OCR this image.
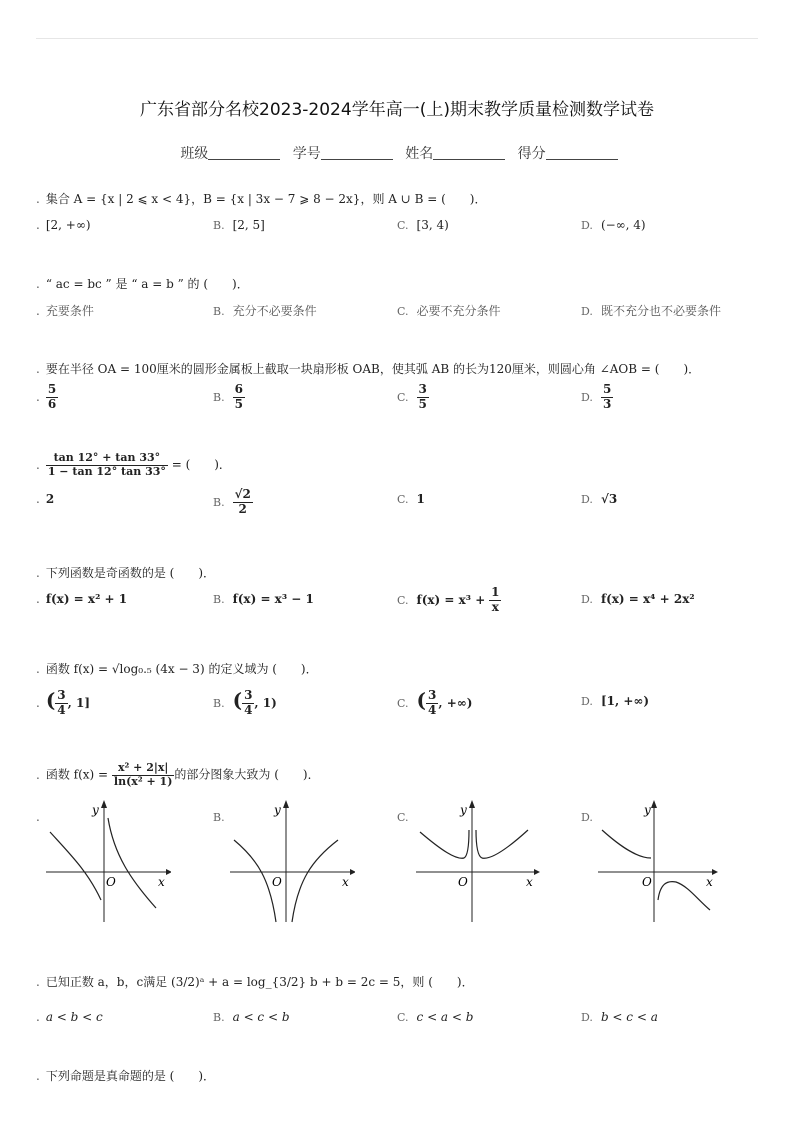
广东省部分名校2023-2024学年高一(上)期末教学质量检测数学试卷
班级	学号	姓名	得分
. 集合 A = {x | 2 ⩽ x < 4}，B = {x | 3x − 7 ⩾ 8 − 2x}，则 A ∪ B = (　　)．
. [2, +∞)	B. [2, 5]	C. [3, 4)	D. (−∞, 4)
. “ ac = bc ” 是 “ a = b ” 的 (　　)．
. 充要条件	B. 充分不必要条件	C. 必要不充分条件	D. 既不充分也不必要条件
. 要在半径 OA = 100厘米的圆形金属板上截取一块扇形板 OAB，使其弧 AB 的长为120厘米，则圆心角 ∠AOB = (　　)．
. $\frac{5}{6}$	B. $\frac{6}{5}$	C. $\frac{3}{5}$	D. $\frac{5}{3}$
. $\frac{\tan 12^\circ + \tan 33^\circ}{1 - \tan 12^\circ \tan 33^\circ}$ = (　　)．
. 2	B. $\frac{√2}{2}$	C. 1	D. √3
. 下列函数是奇函数的是 (　　)．
. f(x) = x² + 1	B. f(x) = x³ − 1	C. $f(x) = x^3 + \frac{1}{x}$	D. f(x) = x⁴ + 2x²
. 函数 f(x) = √log₀.₅ (4x − 3) 的定义域为 (　　)．
. ( $\frac{3}{4}$ , 1]	B. ( $\frac{3}{4}$ , 1)	C. ( $\frac{3}{4}$ , +∞)	D. [1, +∞)
. 函数 $f(x) = \frac{\text{x² + 2|x|}}{\text{ln(x² + 1)}}$ 的部分图象大致为 (　　)．
.	B.	C.	D.
y
O	x
y
O	x
y
O	x
y
O	x
. 已知正数 a，b，c满足 (3/2)ᵃ + a = log_{3/2} b + b = 2c = 5，则 (　　)．
. a < b < c	B. a < c < b	C. c < a < b	D. b < c < a
. 下列命题是真命题的是 (　　)．
